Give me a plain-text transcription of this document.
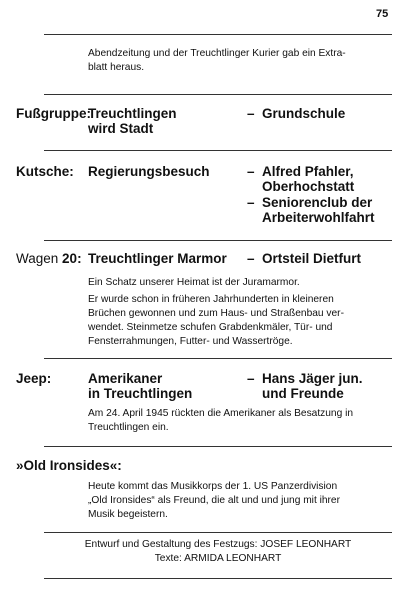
75
Abendzeitung und der Treuchtlinger Kurier gab ein Extra-
blatt heraus.
Fußgruppe:
Treuchtlingen
wird Stadt
– Grundschule
Kutsche: Regierungsbesuch	– Alfred Pfahler,
Oberhochstatt
– Seniorenclub der
Arbeiterwohlfahrt
Wagen 20: Treuchtlinger Marmor – Ortsteil Dietfurt
Ein Schatz unserer Heimat ist der Juramarmor.
Er wurde schon in früheren Jahrhunderten in kleineren
Brüchen gewonnen und zum Haus- und Straßenbau ver-
wendet. Steinmetze schufen Grabdenkmäler, Tür- und
Fensterrahmungen, Futter- und Wassertröge.
Jeep:	Amerikaner
in Treuchtlingen
– Hans Jäger jun.
und Freunde
Am 24. April 1945 rückten die Amerikaner als Besatzung in
Treuchtlingen ein.
»Old Ironsides«:
Heute kommt das Musikkorps der 1. US Panzerdivision
„Old Ironsides“ als Freund, die alt und und jung mit ihrer
Musik begeistern.
Entwurf und Gestaltung des Festzugs: JOSEF LEONHART
Texte: ARMIDA LEONHART
